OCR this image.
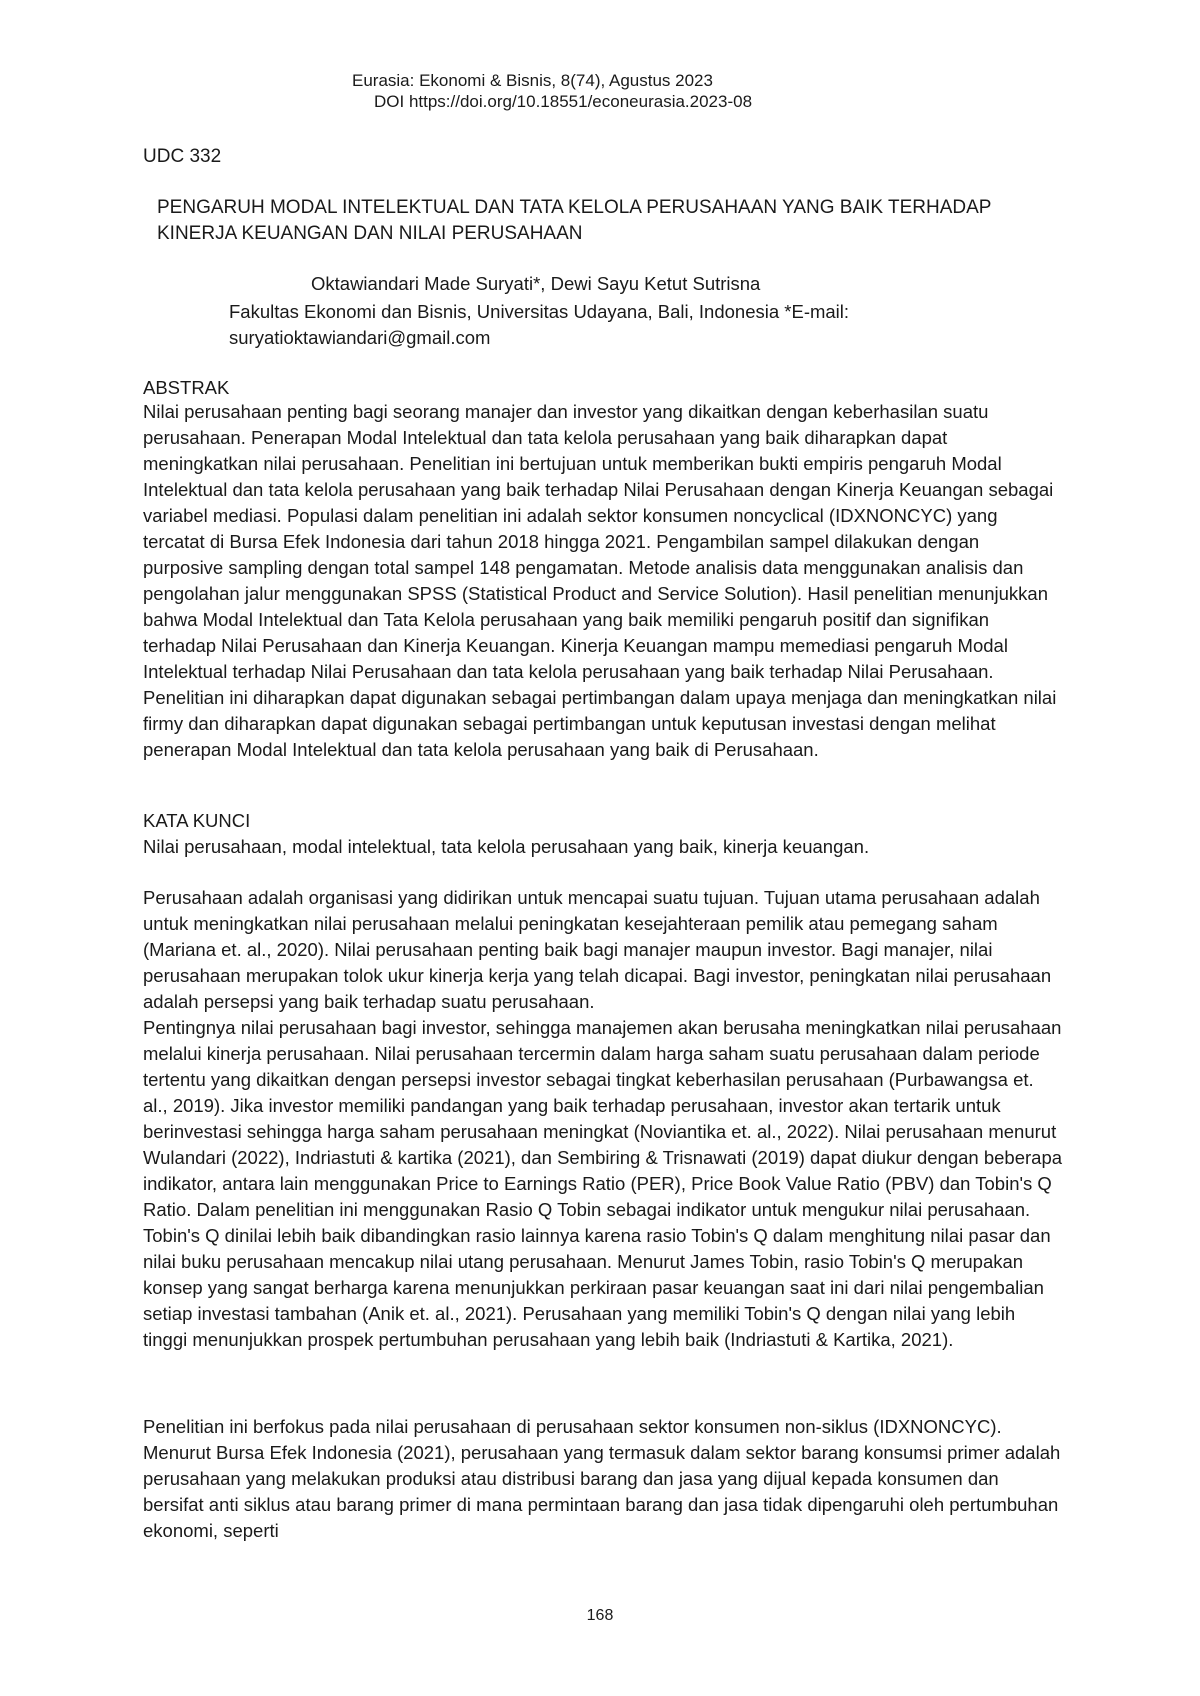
Eurasia: Ekonomi & Bisnis, 8(74), Agustus 2023
DOI https://doi.org/10.18551/econeurasia.2023-08
UDC 332
PENGARUH MODAL INTELEKTUAL DAN TATA KELOLA PERUSAHAAN YANG BAIK TERHADAP KINERJA KEUANGAN DAN NILAI PERUSAHAAN
Oktawiandari Made Suryati*, Dewi Sayu Ketut Sutrisna
Fakultas Ekonomi dan Bisnis, Universitas Udayana, Bali, Indonesia *E-mail: suryatioktawiandari@gmail.com
ABSTRAK

Nilai perusahaan penting bagi seorang manajer dan investor yang dikaitkan dengan keberhasilan suatu perusahaan. Penerapan Modal Intelektual dan tata kelola perusahaan yang baik diharapkan dapat meningkatkan nilai perusahaan. Penelitian ini bertujuan untuk memberikan bukti empiris pengaruh Modal Intelektual dan tata kelola perusahaan yang baik terhadap Nilai Perusahaan dengan Kinerja Keuangan sebagai variabel mediasi. Populasi dalam penelitian ini adalah sektor konsumen noncyclical (IDXNONCYC) yang tercatat di Bursa Efek Indonesia dari tahun 2018 hingga 2021. Pengambilan sampel dilakukan dengan purposive sampling dengan total sampel 148 pengamatan. Metode analisis data menggunakan analisis dan pengolahan jalur menggunakan SPSS (Statistical Product and Service Solution). Hasil penelitian menunjukkan bahwa Modal Intelektual dan Tata Kelola perusahaan yang baik memiliki pengaruh positif dan signifikan terhadap Nilai Perusahaan dan Kinerja Keuangan. Kinerja Keuangan mampu memediasi pengaruh Modal Intelektual terhadap Nilai Perusahaan dan tata kelola perusahaan yang baik terhadap Nilai Perusahaan. Penelitian ini diharapkan dapat digunakan sebagai pertimbangan dalam upaya menjaga dan meningkatkan nilai firmy dan diharapkan dapat digunakan sebagai pertimbangan untuk keputusan investasi dengan melihat penerapan Modal Intelektual dan tata kelola perusahaan yang baik di Perusahaan.

KATA KUNCI
Nilai perusahaan, modal intelektual, tata kelola perusahaan yang baik, kinerja keuangan.

Perusahaan adalah organisasi yang didirikan untuk mencapai suatu tujuan. Tujuan utama perusahaan adalah untuk meningkatkan nilai perusahaan melalui peningkatan kesejahteraan pemilik atau pemegang saham (Mariana et. al., 2020). Nilai perusahaan penting baik bagi manajer maupun investor. Bagi manajer, nilai perusahaan merupakan tolok ukur kinerja kerja yang telah dicapai. Bagi investor, peningkatan nilai perusahaan adalah persepsi yang baik terhadap suatu perusahaan.

Pentingnya nilai perusahaan bagi investor, sehingga manajemen akan berusaha meningkatkan nilai perusahaan melalui kinerja perusahaan. Nilai perusahaan tercermin dalam harga saham suatu perusahaan dalam periode tertentu yang dikaitkan dengan persepsi investor sebagai tingkat keberhasilan perusahaan (Purbawangsa et. al., 2019). Jika investor memiliki pandangan yang baik terhadap perusahaan, investor akan tertarik untuk berinvestasi sehingga harga saham perusahaan meningkat (Noviantika et. al., 2022). Nilai perusahaan menurut Wulandari (2022), Indriastuti & kartika (2021), dan Sembiring & Trisnawati (2019) dapat diukur dengan beberapa indikator, antara lain menggunakan Price to Earnings Ratio (PER), Price Book Value Ratio (PBV) dan Tobin's Q Ratio. Dalam penelitian ini menggunakan Rasio Q Tobin sebagai indikator untuk mengukur nilai perusahaan. Tobin's Q dinilai lebih baik dibandingkan rasio lainnya karena rasio Tobin's Q dalam menghitung nilai pasar dan nilai buku perusahaan mencakup nilai utang perusahaan. Menurut James Tobin, rasio Tobin's Q merupakan konsep yang sangat berharga karena menunjukkan perkiraan pasar keuangan saat ini dari nilai pengembalian setiap investasi tambahan (Anik et. al., 2021). Perusahaan yang memiliki Tobin's Q dengan nilai yang lebih tinggi menunjukkan prospek pertumbuhan perusahaan yang lebih baik (Indriastuti & Kartika, 2021).

Penelitian ini berfokus pada nilai perusahaan di perusahaan sektor konsumen non-siklus (IDXNONCYC). Menurut Bursa Efek Indonesia (2021), perusahaan yang termasuk dalam sektor barang konsumsi primer adalah perusahaan yang melakukan produksi atau distribusi barang dan jasa yang dijual kepada konsumen dan bersifat anti siklus atau barang primer di mana permintaan barang dan jasa tidak dipengaruhi oleh pertumbuhan ekonomi, seperti

168
